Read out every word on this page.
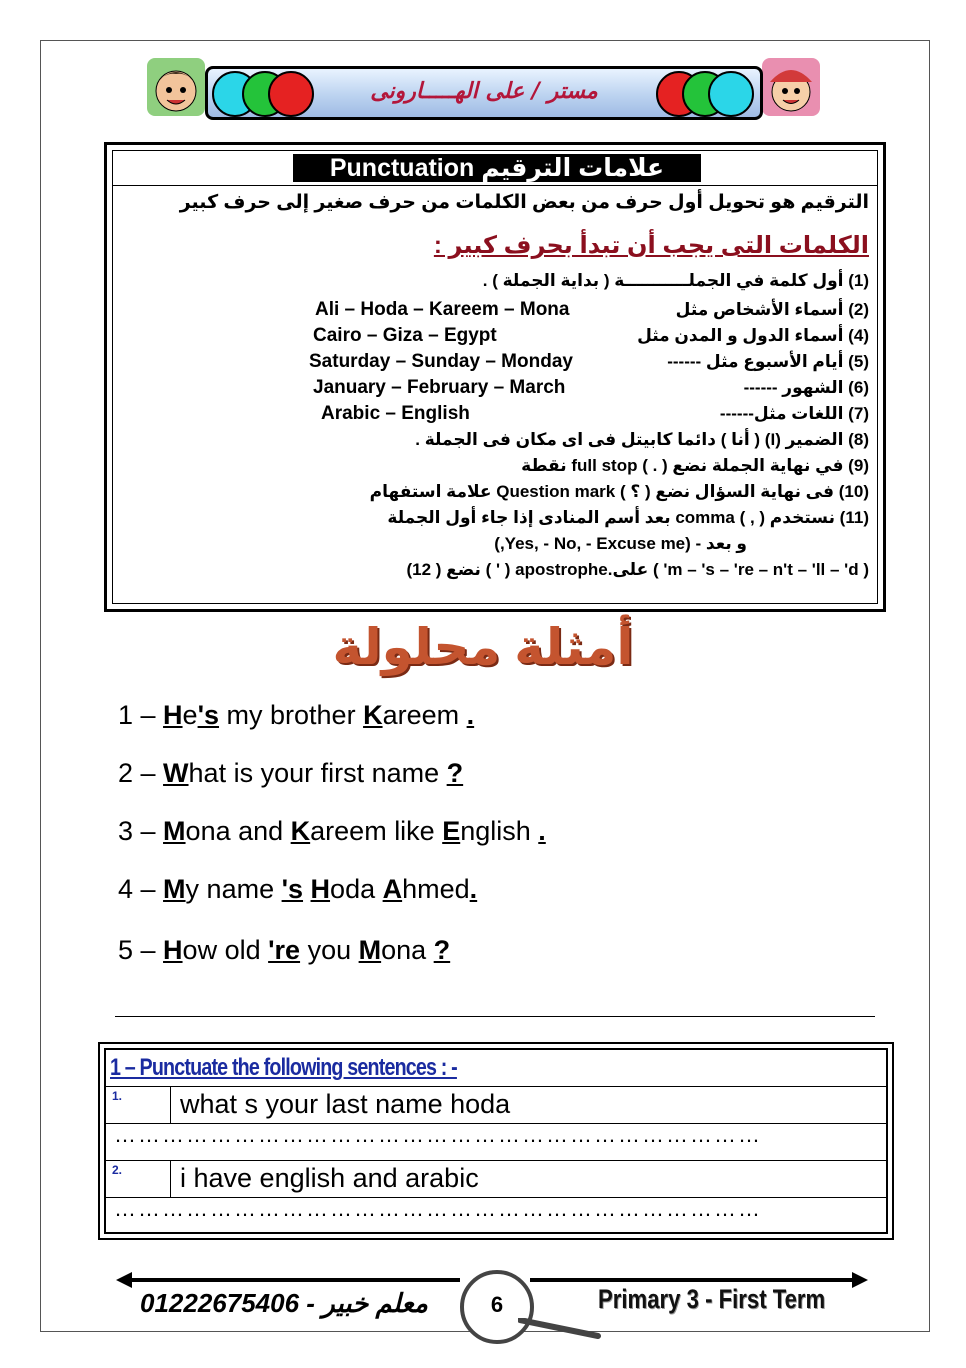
مستر / على الهـــــارونى
علامات الترقيم Punctuation
الترقيم هو تحويل أول حرف من بعض الكلمات من حرف صغير إلى حرف كبير
الكلمات التى يجب أن تبدأ بحرف كبير :
(1) أول كلمة في الجملـــــــــــة ( بداية الجملة ) .
(2) أسماء الأشخاص مثل
Ali – Hoda – Kareem – Mona
(4) أسماء الدول و المدن مثل
Cairo – Giza – Egypt
(5) أيام الأسبوع مثل ------
Saturday – Sunday – Monday
(6) الشهور ------
January – February – March
(7) اللغات مثل------
Arabic – English
(8) الضمير (I) ( أنا ) دائما كابيتل فى اى مكان فى الجملة .
(9) في نهاية الجملة نضع ( . ) full stop نقطة
(10) فى نهاية السؤال نضع ( ؟ ) Question mark علامة استفهام
(11) نستخدم ( , ) comma بعد أسم المنادى إذا جاء أول الجملة
و بعد - (Yes, - No, - Excuse me,)
(12 ) نضع ( ' ) apostrophe.على ( 'm – 's – 're – n't – 'll – 'd )
أمثلة محلولة
1 – He's my brother Kareem .
2 – What is your first name ?
3 – Mona and Kareem like English .
4 – My name 's Hoda Ahmed.
5 – How old 're you Mona ?
1 – Punctuate the following sentences : -
1. what s your last name hoda
………………………………………………………………………
2. i have english and arabic
………………………………………………………………………
01222675406 - معلم خبير	6	Primary 3 - First Term
